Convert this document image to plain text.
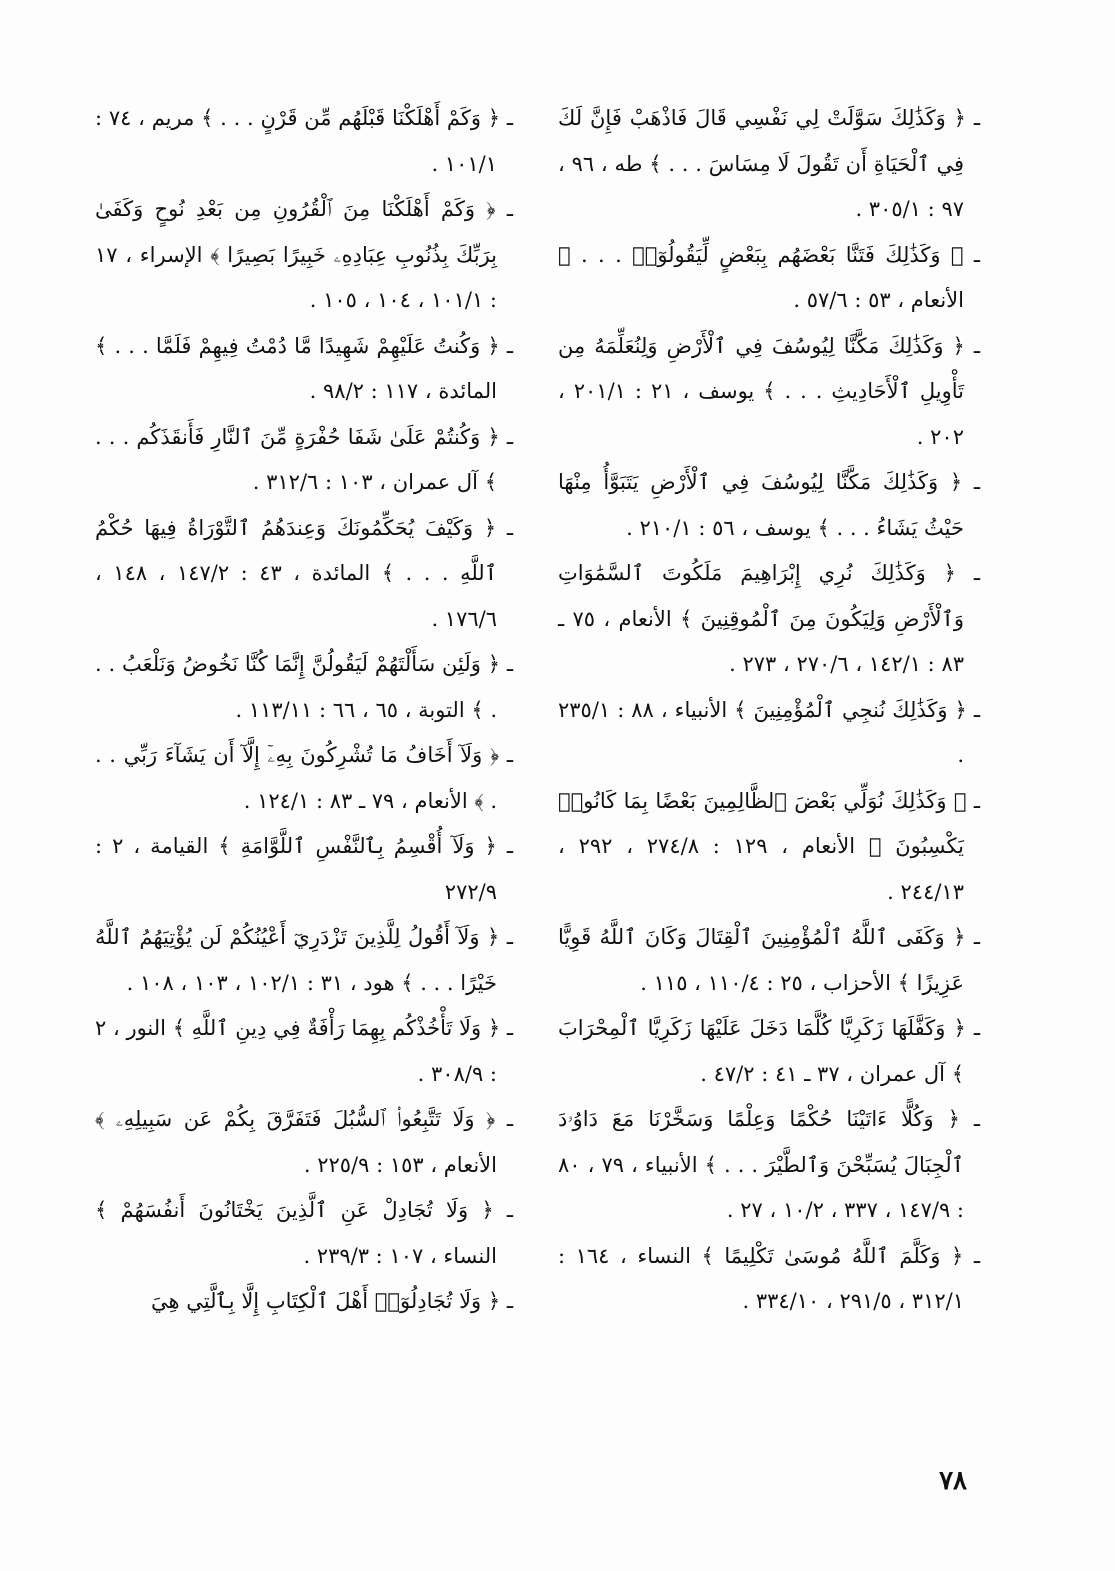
ـ ﴿ وَكَذَٰلِكَ سَوَّلَتْ لِي نَفْسِي قَالَ فَاذْهَبْ فَإِنَّ لَكَ فِي ٱلْحَيَاةِ أَن تَقُولَ لَا مِسَاسَ . . . ﴾ طه ، ٩٦ ، ٩٧ : ٣٠٥/١ .

ـ ﴿ وَكَذَٰلِكَ فَتَنَّا بَعْضَهُم بِبَعْضٍ لِّيَقُولُوٓا۟ . . . ﴾ الأنعام ، ٥٣ : ٥٧/٦ .

ـ ﴿ وَكَذَٰلِكَ مَكَّنَّا لِيُوسُفَ فِي ٱلْأَرْضِ وَلِنُعَلِّمَهُ مِن تَأْوِيلِ ٱلْأَحَادِيثِ . . . ﴾ يوسف ، ٢١ : ٢٠١/١ ، ٢٠٢ .

ـ ﴿ وَكَذَٰلِكَ مَكَّنَّا لِيُوسُفَ فِي ٱلْأَرْضِ يَتَبَوَّأُ مِنْهَا حَيْثُ يَشَاءُ . . . ﴾ يوسف ، ٥٦ : ٢١٠/١ .

ـ ﴿ وَكَذَٰلِكَ نُرِي إِبْرَاهِيمَ مَلَكُوتَ ٱلسَّمَٰوَاتِ وَٱلْأَرْضِ وَلِيَكُونَ مِنَ ٱلْمُوقِنِينَ ﴾ الأنعام ، ٧٥ ـ ٨٣ : ١٤٢/١ ، ٢٧٠/٦ ، ٢٧٣ .

ـ ﴿ وَكَذَٰلِكَ نُنجِي ٱلْمُؤْمِنِينَ ﴾ الأنبياء ، ٨٨ : ٢٣٥/١ .

ـ ﴿ وَكَذَٰلِكَ نُوَلِّي بَعْضَ ٱلظَّالِمِينَ بَعْضًا بِمَا كَانُوا۟ يَكْسِبُونَ ﴾ الأنعام ، ١٢٩ : ٢٧٤/٨ ، ٢٩٢ ، ٢٤٤/١٣ .

ـ ﴿ وَكَفَى ٱللَّهُ ٱلْمُؤْمِنِينَ ٱلْقِتَالَ وَكَانَ ٱللَّهُ قَوِيًّا عَزِيزًا ﴾ الأحزاب ، ٢٥ : ١١٠/٤ ، ١١٥ .

ـ ﴿ وَكَفَّلَهَا زَكَرِيَّا كُلَّمَا دَخَلَ عَلَيْهَا زَكَرِيَّا ٱلْمِحْرَابَ ﴾ آل عمران ، ٣٧ ـ ٤١ : ٤٧/٢ .

ـ ﴿ وَكُلًّا ءَاتَيْنَا حُكْمًا وَعِلْمًا وَسَخَّرْنَا مَعَ دَاوُۥدَ ٱلْجِبَالَ يُسَبِّحْنَ وَٱلطَّيْرَ . . . ﴾ الأنبياء ، ٧٩ ، ٨٠ : ١٤٧/٩ ، ٣٣٧ ، ١٠/٢ ، ٢٧ .

ـ ﴿ وَكَلَّمَ ٱللَّهُ مُوسَىٰ تَكْلِيمًا ﴾ النساء ، ١٦٤ : ٣١٢/١ ، ٢٩١/٥ ، ٣٣٤/١٠ .

ـ ﴿ وَكَمْ أَهْلَكْنَا قَبْلَهُم مِّن قَرْنٍ . . . ﴾ مريم ، ٧٤ : ١٠١/١ .

ـ ﴿ وَكَمْ أَهْلَكْنَا مِنَ ٱلْقُرُونِ مِن بَعْدِ نُوحٍ وَكَفَىٰ بِرَبِّكَ بِذُنُوبِ عِبَادِهِۦ خَبِيرًا بَصِيرًا ﴾ الإسراء ، ١٧ : ١٠١/١ ، ١٠٤ ، ١٠٥ .

ـ ﴿ وَكُنتُ عَلَيْهِمْ شَهِيدًا مَّا دُمْتُ فِيهِمْ فَلَمَّا . . . ﴾ المائدة ، ١١٧ : ٩٨/٢ .

ـ ﴿ وَكُنتُمْ عَلَىٰ شَفَا حُفْرَةٍ مِّنَ ٱلنَّارِ فَأَنقَذَكُم . . . ﴾ آل عمران ، ١٠٣ : ٣١٢/٦ .

ـ ﴿ وَكَيْفَ يُحَكِّمُونَكَ وَعِندَهُمُ ٱلتَّوْرَاةُ فِيهَا حُكْمُ ٱللَّهِ . . . ﴾ المائدة ، ٤٣ : ١٤٧/٢ ، ١٤٨ ، ١٧٦/٦ .

ـ ﴿ وَلَئِن سَأَلْتَهُمْ لَيَقُولُنَّ إِنَّمَا كُنَّا نَخُوضُ وَنَلْعَبُ . . . ﴾ التوبة ، ٦٥ ، ٦٦ : ١١٣/١١ .

ـ ﴿ وَلَآ أَخَافُ مَا تُشْرِكُونَ بِهِۦٓ إِلَّآ أَن يَشَآءَ رَبِّي . . . ﴾ الأنعام ، ٧٩ ـ ٨٣ : ١٢٤/١ .

ـ ﴿ وَلَآ أُقْسِمُ بِٱلنَّفْسِ ٱللَّوَّامَةِ ﴾ القيامة ، ٢ : ٢٧٢/٩

ـ ﴿ وَلَآ أَقُولُ لِلَّذِينَ تَزْدَرِيٓ أَعْيُنُكُمْ لَن يُؤْتِيَهُمُ ٱللَّهُ خَيْرًا . . . ﴾ هود ، ٣١ : ١٠٢/١ ، ١٠٣ ، ١٠٨ .

ـ ﴿ وَلَا تَأْخُذْكُم بِهِمَا رَأْفَةٌ فِي دِينِ ٱللَّهِ ﴾ النور ، ٢ : ٣٠٨/٩ .

ـ ﴿ وَلَا تَتَّبِعُوا۟ ٱلسُّبُلَ فَتَفَرَّقَ بِكُمْ عَن سَبِيلِهِۦ ﴾ الأنعام ، ١٥٣ : ٢٢٥/٩ .

ـ ﴿ وَلَا تُجَادِلْ عَنِ ٱلَّذِينَ يَخْتَانُونَ أَنفُسَهُمْ ﴾ النساء ، ١٠٧ : ٢٣٩/٣ .

ـ ﴿ وَلَا تُجَادِلُوٓا۟ أَهْلَ ٱلْكِتَابِ إِلَّا بِٱلَّتِي هِيَ

٧٨
